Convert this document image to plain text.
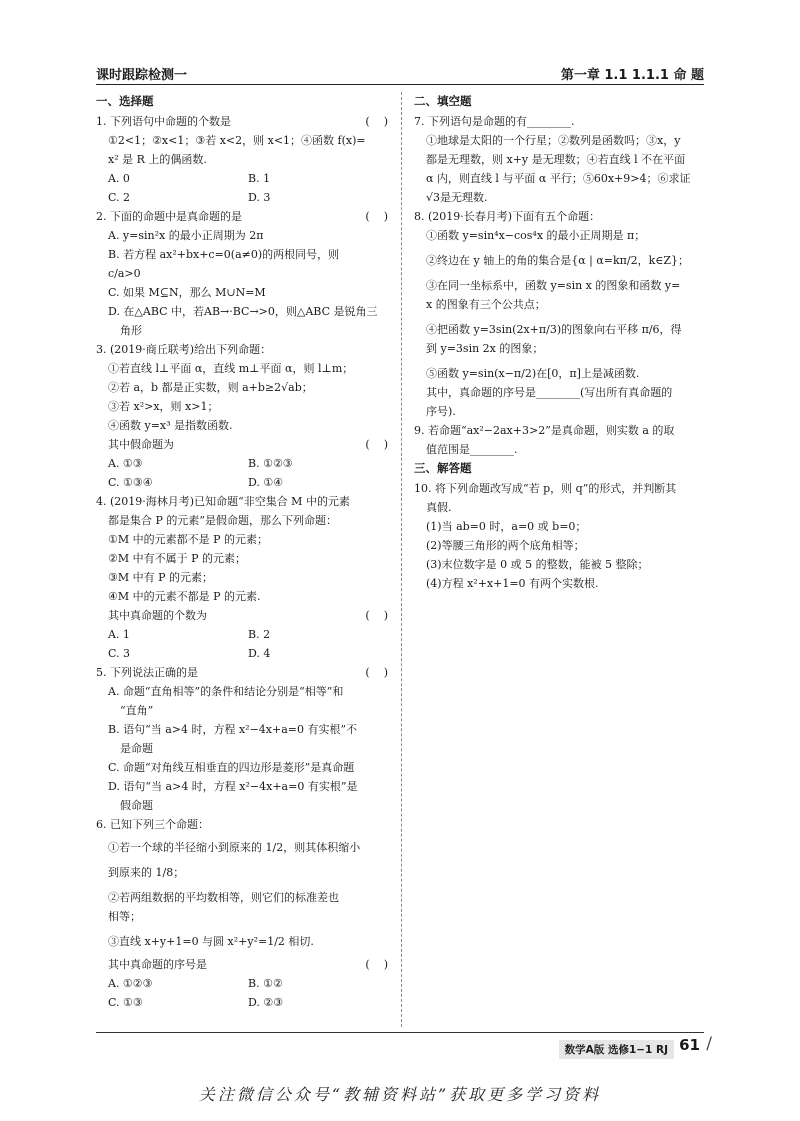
课时跟踪检测一	第一章 1.1 1.1.1 命 题
一、选择题
1. 下列语句中命题的个数是	(    )
①2<1；②x<1；③若 x<2，则 x<1；④函数 f(x)=
x² 是 R 上的偶函数.
A. 0	B. 1
C. 2	D. 3
2. 下面的命题中是真命题的是	(    )
A. y=sin²x 的最小正周期为 2π
B. 若方程 ax²+bx+c=0(a≠0)的两根同号，则
c/a>0
C. 如果 M⊆N，那么 M∪N=M
D. 在△ABC 中，若AB→·BC→>0，则△ABC 是锐角三
角形
3. (2019·商丘联考)给出下列命题：
①若直线 l⊥平面 α，直线 m⊥平面 α，则 l⊥m；
②若 a，b 都是正实数，则 a+b≥2√ab；
③若 x²>x，则 x>1；
④函数 y=x³ 是指数函数.
其中假命题为	(    )
A. ①③	B. ①②③
C. ①③④	D. ①④
4. (2019·海林月考)已知命题“非空集合 M 中的元素
都是集合 P 的元素”是假命题，那么下列命题：
①M 中的元素都不是 P 的元素；
②M 中有不属于 P 的元素；
③M 中有 P 的元素；
④M 中的元素不都是 P 的元素.
其中真命题的个数为	(    )
A. 1	B. 2
C. 3	D. 4
5. 下列说法正确的是	(    )
A. 命题“直角相等”的条件和结论分别是“相等”和
“直角”
B. 语句“当 a>4 时，方程 x²−4x+a=0 有实根”不
是命题
C. 命题“对角线互相垂直的四边形是菱形”是真命题
D. 语句“当 a>4 时，方程 x²−4x+a=0 有实根”是
假命题
6. 已知下列三个命题：
①若一个球的半径缩小到原来的 1/2，则其体积缩小
到原来的 1/8；
②若两组数据的平均数相等，则它们的标准差也
相等；
③直线 x+y+1=0 与圆 x²+y²=1/2 相切.
其中真命题的序号是	(    )
A. ①②③	B. ①②
C. ①③	D. ②③
二、填空题
7. 下列语句是命题的有________.
①地球是太阳的一个行星；②数列是函数吗；③x，y
都是无理数，则 x+y 是无理数；④若直线 l 不在平面
α 内，则直线 l 与平面 α 平行；⑤60x+9>4；⑥求证
√3是无理数.
8. (2019·长春月考)下面有五个命题：
①函数 y=sin⁴x−cos⁴x 的最小正周期是 π；
②终边在 y 轴上的角的集合是{α | α=kπ/2，k∈Z}；
③在同一坐标系中，函数 y=sin x 的图象和函数 y=
x 的图象有三个公共点；
④把函数 y=3sin(2x+π/3)的图象向右平移 π/6，得
到 y=3sin 2x 的图象；
⑤函数 y=sin(x−π/2)在[0，π]上是减函数.
其中，真命题的序号是________(写出所有真命题的
序号).
9. 若命题“ax²−2ax+3>2”是真命题，则实数 a 的取
值范围是________.
三、解答题
10. 将下列命题改写成“若 p，则 q”的形式，并判断其
真假.
(1)当 ab=0 时，a=0 或 b=0；
(2)等腰三角形的两个底角相等；
(3)末位数字是 0 或 5 的整数，能被 5 整除；
(4)方程 x²+x+1=0 有两个实数根.
数学A版 选修1−1 RJ 61 /
关注微信公众号“教辅资料站”获取更多学习资料
